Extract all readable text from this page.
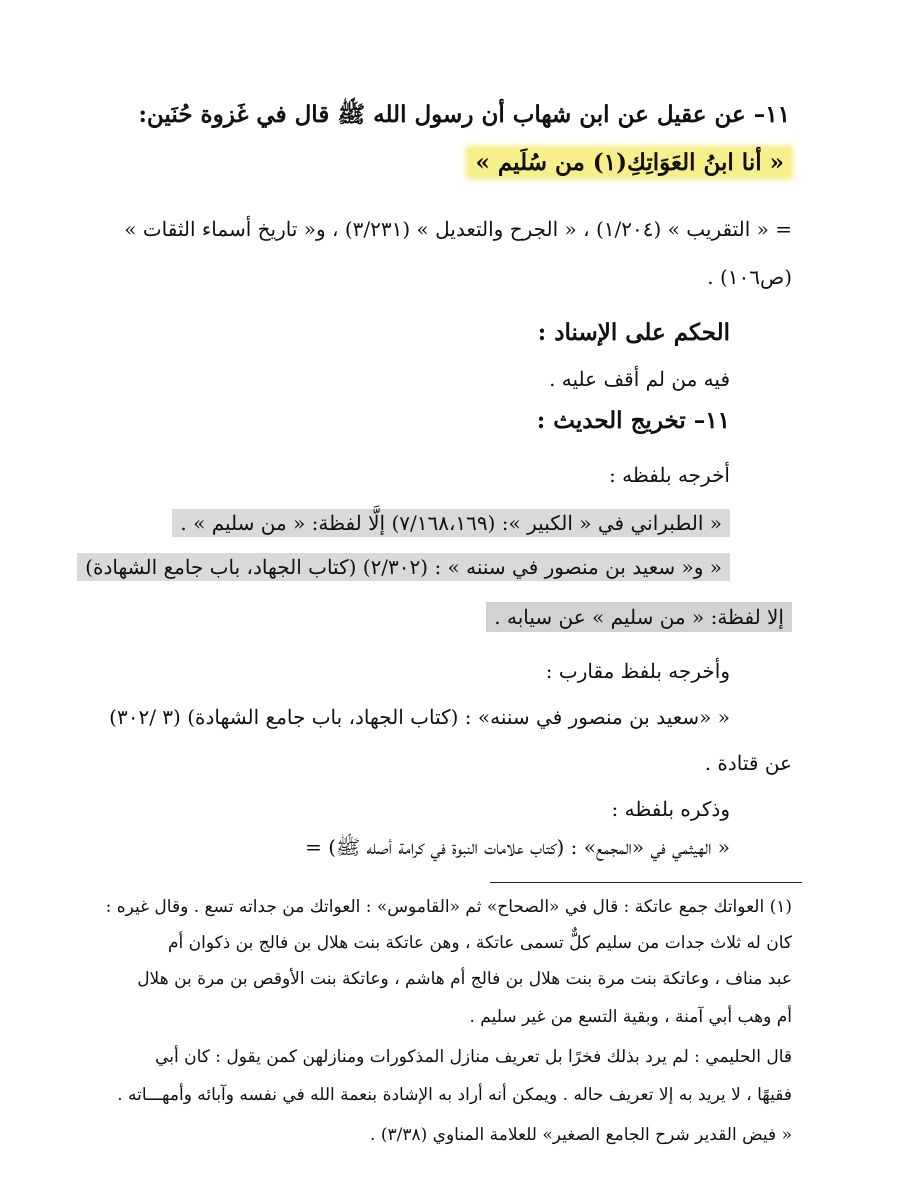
١١– عن عقيل عن ابن شهاب أن رسول الله ﷺ قال في غَزوة حُنَين:
« أنا ابنُ العَوَاتِكِ(١) من سُلَيم »
= « التقريب » (١/٢٠٤) ، « الجرح والتعديل » (٣/٢٣١) ، و« تاريخ أسماء الثقات »
(ص١٠٦) .
الحكم على الإسناد :
فيه من لم أقف عليه .
١١– تخريج الحديث :
أخرجه بلفظه :
« الطبراني في « الكبير »: (٧/١٦٨،١٦٩) إلَّا لفظة: « من سليم » .
« و« سعيد بن منصور في سننه » : (٢/٣٠٢) (كتاب الجهاد، باب جامع الشهادة)
إلا لفظة: « من سليم » عن سيابه .
وأخرجه بلفظ مقارب :
« «سعيد بن منصور في سننه» : (كتاب الجهاد، باب جامع الشهادة) (٣ /٣٠٢)
عن قتادة .
وذكره بلفظه :
« الهيثمي في «المجمع» : (كتاب علامات النبوة في كرامة أصله ﷺ) =
(١) العواتك جمع عاتكة : قال في «الصحاح» ثم «القاموس» : العواتك من جداته تسع . وقال غيره :
كان له ثلاث جدات من سليم كلٌّ تسمى عاتكة ، وهن عاتكة بنت هلال بن فالج بن ذكوان أم
عبد مناف ، وعاتكة بنت مرة بنت هلال بن فالج أم هاشم ، وعاتكة بنت الأوقص بن مرة بن هلال
أم وهب أبي آمنة ، وبقية التسع من غير سليم .
قال الحليمي : لم يرد بذلك فخرًا بل تعريف منازل المذكورات ومنازلهن كمن يقول : كان أبي
فقيهًا ، لا يريد به إلا تعريف حاله . ويمكن أنه أراد به الإشادة بنعمة الله في نفسه وآبائه وأمهـــاته .
« فيض القدير شرح الجامع الصغير» للعلامة المناوي (٣/٣٨) .
